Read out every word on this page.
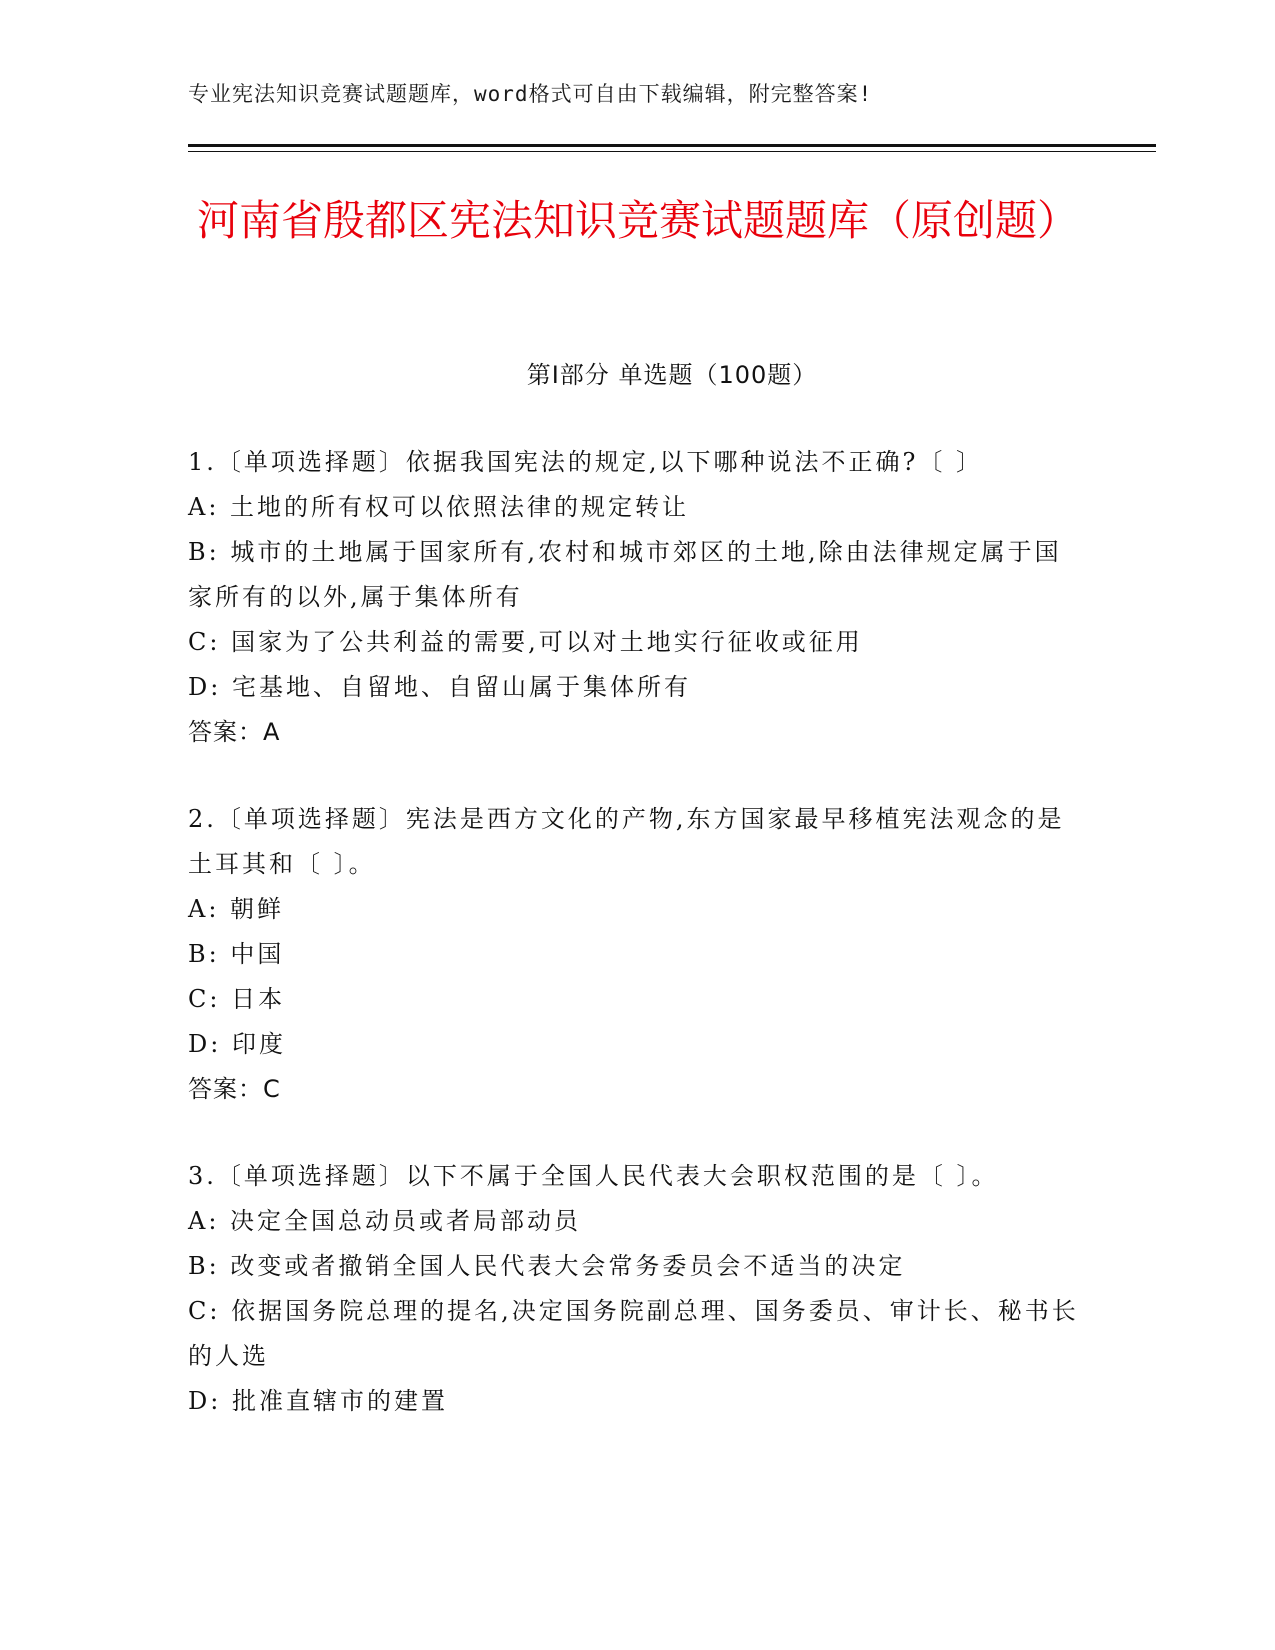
专业宪法知识竞赛试题题库，word格式可自由下载编辑，附完整答案!
河南省殷都区宪法知识竞赛试题题库（原创题）
第Ⅰ部分 单选题（100题）

1.〔单项选择题〕依据我国宪法的规定,以下哪种说法不正确?〔 〕

A: 土地的所有权可以依照法律的规定转让

B: 城市的土地属于国家所有,农村和城市郊区的土地,除由法律规定属于国家所有的以外,属于集体所有

C: 国家为了公共利益的需要,可以对土地实行征收或征用

D: 宅基地、自留地、自留山属于集体所有

答案：A

2.〔单项选择题〕宪法是西方文化的产物,东方国家最早移植宪法观念的是土耳其和〔 〕。

A: 朝鲜

B: 中国

C: 日本

D: 印度

答案：C

3.〔单项选择题〕以下不属于全国人民代表大会职权范围的是〔 〕。

A: 决定全国总动员或者局部动员

B: 改变或者撤销全国人民代表大会常务委员会不适当的决定

C: 依据国务院总理的提名,决定国务院副总理、国务委员、审计长、秘书长的人选

D: 批准直辖市的建置
